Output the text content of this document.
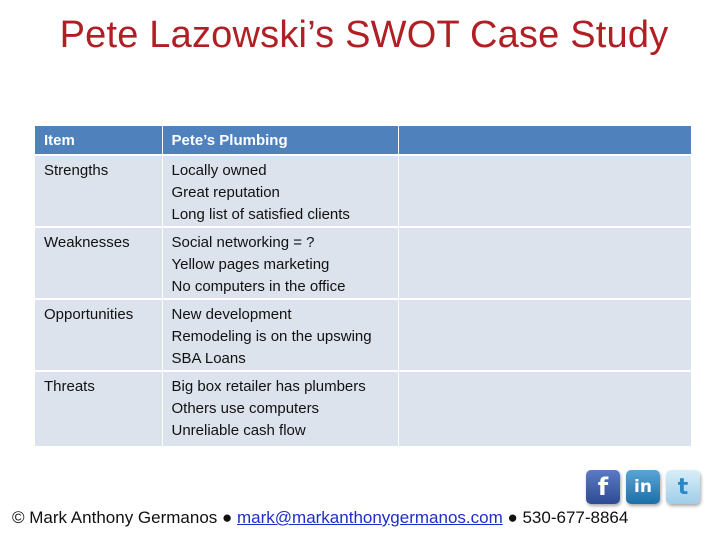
Pete Lazowski’s SWOT Case Study
Item	Pete’s Plumbing	
Strengths	Locally owned
Great reputation
Long list of satisfied clients	

Weaknesses	Social networking = ?
Yellow pages marketing
No computers in the office	

Opportunities	New development
Remodeling is on the upswing
SBA Loans	

Threats	Big box retailer has plumbers
Others use computers
Unreliable cash flow	

f	in	t
© Mark Anthony Germanos ● mark@markanthonygermanos.com ● 530-677-8864
